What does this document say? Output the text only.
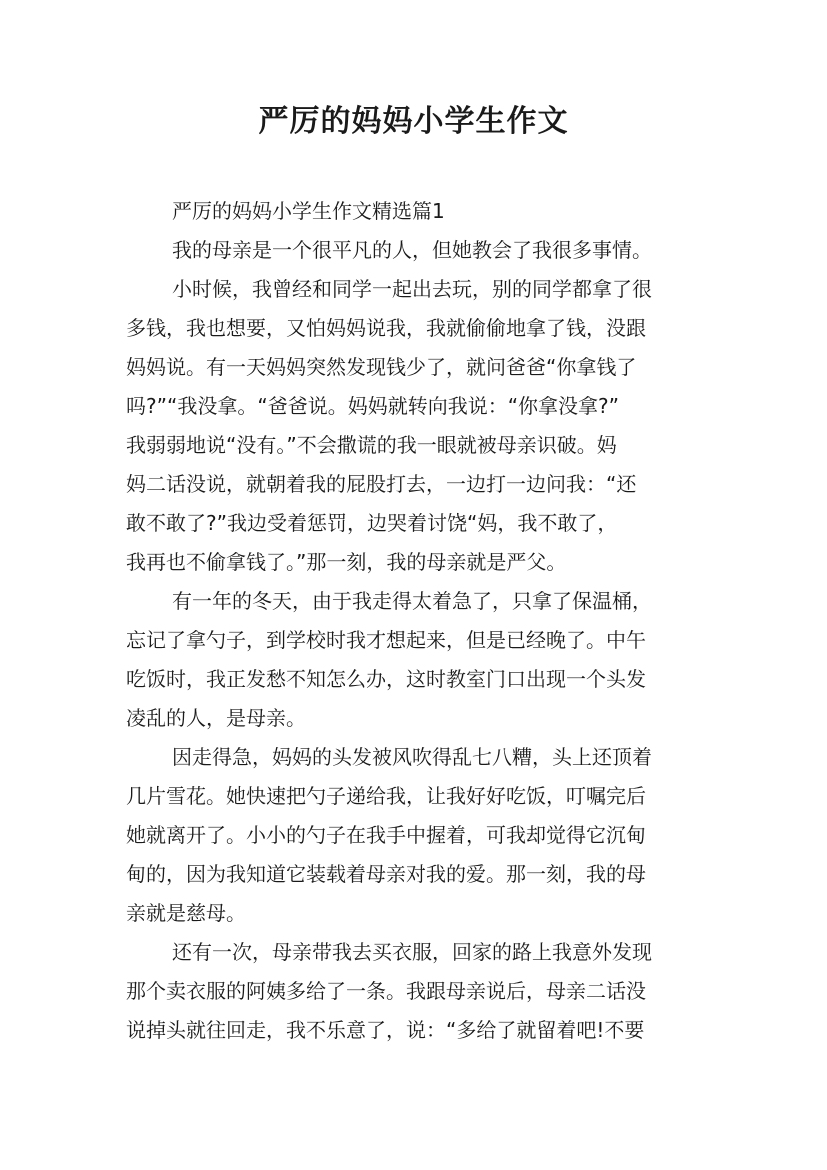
严厉的妈妈小学生作文
严厉的妈妈小学生作文精选篇1
我的母亲是一个很平凡的人，但她教会了我很多事情。
小时候，我曾经和同学一起出去玩，别的同学都拿了很
多钱，我也想要，又怕妈妈说我，我就偷偷地拿了钱，没跟
妈妈说。有一天妈妈突然发现钱少了，就问爸爸“你拿钱了
吗?”“我没拿。“爸爸说。妈妈就转向我说：“你拿没拿?”
我弱弱地说“没有。”不会撒谎的我一眼就被母亲识破。妈
妈二话没说，就朝着我的屁股打去，一边打一边问我：“还
敢不敢了?”我边受着惩罚，边哭着讨饶“妈，我不敢了，
我再也不偷拿钱了。”那一刻，我的母亲就是严父。
有一年的冬天，由于我走得太着急了，只拿了保温桶，
忘记了拿勺子，到学校时我才想起来，但是已经晚了。中午
吃饭时，我正发愁不知怎么办，这时教室门口出现一个头发
凌乱的人，是母亲。
因走得急，妈妈的头发被风吹得乱七八糟，头上还顶着
几片雪花。她快速把勺子递给我，让我好好吃饭，叮嘱完后
她就离开了。小小的勺子在我手中握着，可我却觉得它沉甸
甸的，因为我知道它装载着母亲对我的爱。那一刻，我的母
亲就是慈母。
还有一次，母亲带我去买衣服，回家的路上我意外发现
那个卖衣服的阿姨多给了一条。我跟母亲说后，母亲二话没
说掉头就往回走，我不乐意了，说：“多给了就留着吧!不要
